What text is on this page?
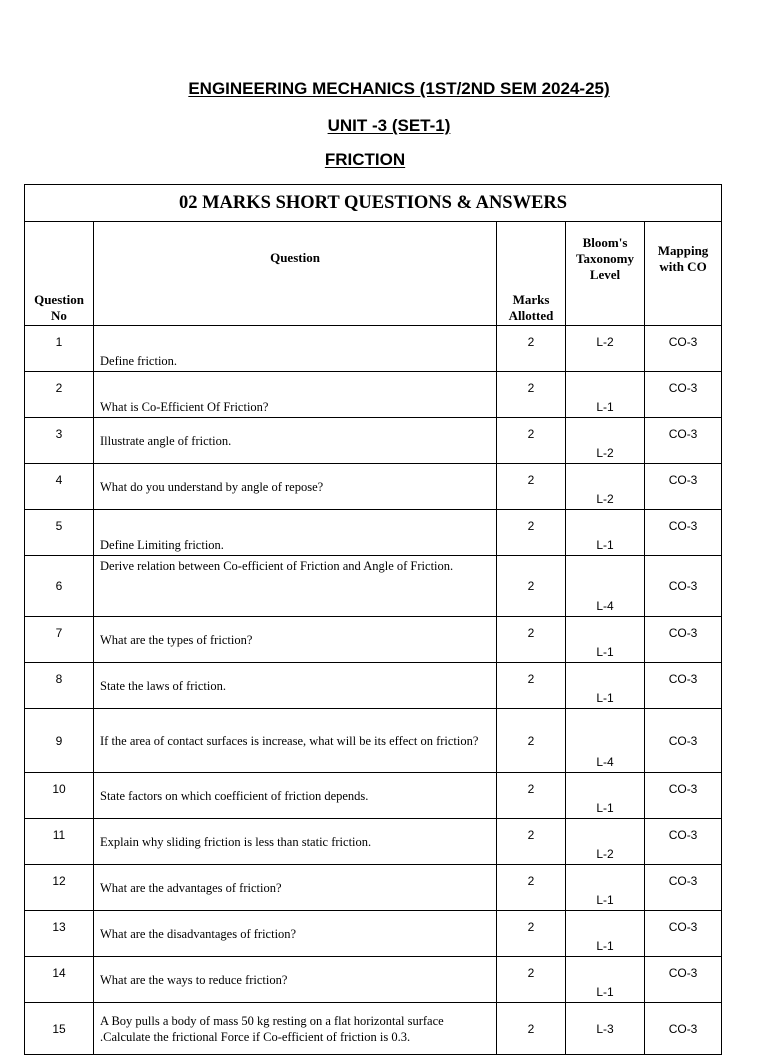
ENGINEERING MECHANICS (1ST/2ND SEM 2024-25)
UNIT -3 (SET-1)
FRICTION
02 MARKS SHORT QUESTIONS & ANSWERS				
Question No	Question	Marks Allotted	Bloom's Taxonomy Level	Mapping with CO
1	Define friction.	2	L-2	CO-3
2	What is Co-Efficient Of Friction?	2	L-1	CO-3
3	Illustrate angle of friction.	2	L-2	CO-3
4	What do you understand by angle of repose?	2	L-2	CO-3
5	Define Limiting friction.	2	L-1	CO-3
6	Derive relation between Co-efficient of Friction and Angle of Friction.	2	L-4	CO-3
7	What are the types of friction?	2	L-1	CO-3
8	State the laws of friction.	2	L-1	CO-3
9	If the area of contact surfaces is increase, what will be its effect on friction?	2	L-4	CO-3
10	State factors on which coefficient of friction depends.	2	L-1	CO-3
11	Explain why sliding friction is less than static friction.	2	L-2	CO-3
12	What are the advantages of friction?	2	L-1	CO-3
13	What are the disadvantages of friction?	2	L-1	CO-3
14	What are the ways to reduce friction?	2	L-1	CO-3
15	A Boy pulls a body of mass 50 kg resting on a flat horizontal surface .Calculate the frictional Force if Co-efficient of friction is 0.3.	2	L-3	CO-3
